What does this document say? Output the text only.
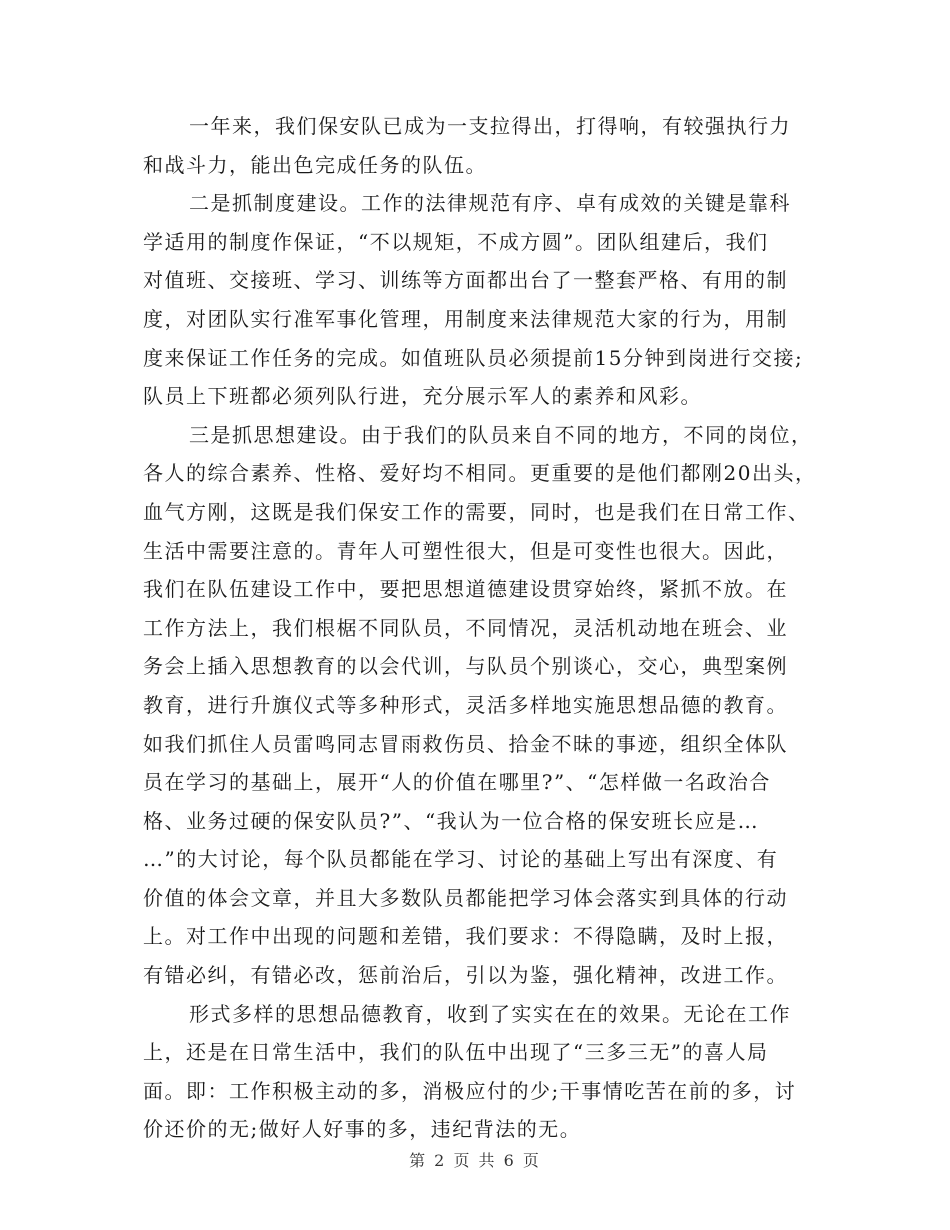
一年来，我们保安队已成为一支拉得出，打得响，有较强执行力
和战斗力，能出色完成任务的队伍。
二是抓制度建设。工作的法律规范有序、卓有成效的关键是靠科
学适用的制度作保证，“不以规矩，不成方圆”。团队组建后，我们
对值班、交接班、学习、训练等方面都出台了一整套严格、有用的制
度，对团队实行准军事化管理，用制度来法律规范大家的行为，用制
度来保证工作任务的完成。如值班队员必须提前15分钟到岗进行交接;
队员上下班都必须列队行进，充分展示军人的素养和风彩。
三是抓思想建设。由于我们的队员来自不同的地方，不同的岗位，
各人的综合素养、性格、爱好均不相同。更重要的是他们都刚20出头，
血气方刚，这既是我们保安工作的需要，同时，也是我们在日常工作、
生活中需要注意的。青年人可塑性很大，但是可变性也很大。因此，
我们在队伍建设工作中，要把思想道德建设贯穿始终，紧抓不放。在
工作方法上，我们根椐不同队员，不同情况，灵活机动地在班会、业
务会上插入思想教育的以会代训，与队员个别谈心，交心，典型案例
教育，进行升旗仪式等多种形式，灵活多样地实施思想品德的教育。
如我们抓住人员雷鸣同志冒雨救伤员、拾金不昧的事迹，组织全体队
员在学习的基础上，展开“人的价值在哪里?”、“怎样做一名政治合
格、业务过硬的保安队员?”、“我认为一位合格的保安班长应是…
…”的大讨论，每个队员都能在学习、讨论的基础上写出有深度、有
价值的体会文章，并且大多数队员都能把学习体会落实到具体的行动
上。对工作中出现的问题和差错，我们要求：不得隐瞒，及时上报，
有错必纠，有错必改，惩前治后，引以为鉴，强化精神，改进工作。
形式多样的思想品德教育，收到了实实在在的效果。无论在工作
上，还是在日常生活中，我们的队伍中出现了“三多三无”的喜人局
面。即：工作积极主动的多，消极应付的少;干事情吃苦在前的多，讨
价还价的无;做好人好事的多，违纪背法的无。
第 2 页 共 6 页
